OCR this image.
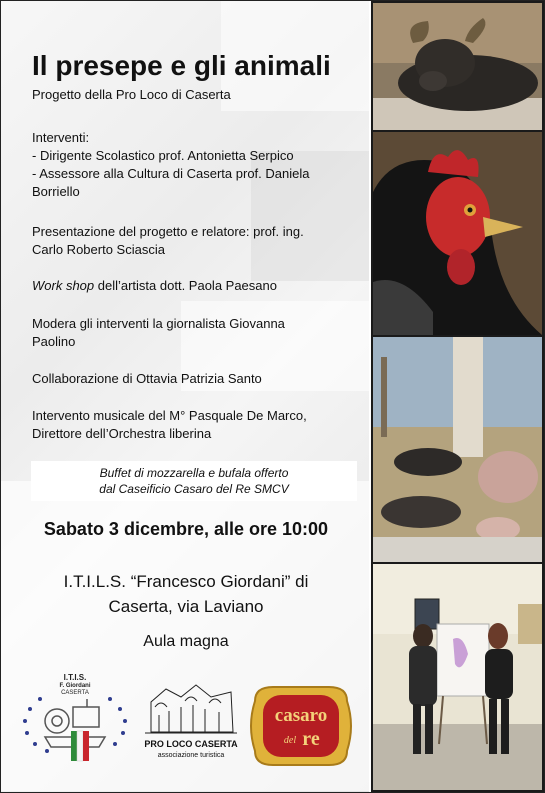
Il presepe e gli animali
Progetto della Pro Loco di Caserta
Interventi:
- Dirigente Scolastico prof. Antonietta Serpico
- Assessore alla Cultura di Caserta prof. Daniela
Borriello
Presentazione del progetto e relatore: prof. ing.
Carlo Roberto Sciascia
Work shop dell’artista dott. Paola Paesano
Modera gli interventi la giornalista Giovanna
Paolino
Collaborazione di Ottavia Patrizia Santo
Intervento musicale del M° Pasquale De Marco,
Direttore dell’Orchestra liberina
Buffet di mozzarella e bufala offerto
dal Caseificio Casaro del Re SMCV
Sabato 3 dicembre, alle ore 10:00
I.T.I.L.S. “Francesco Giordani” di
Caserta, via Laviano
Aula magna
I.T.I.S.
F. Giordani
CASERTA
PRO LOCO CASERTA
associazione turistica
casaro
del re
